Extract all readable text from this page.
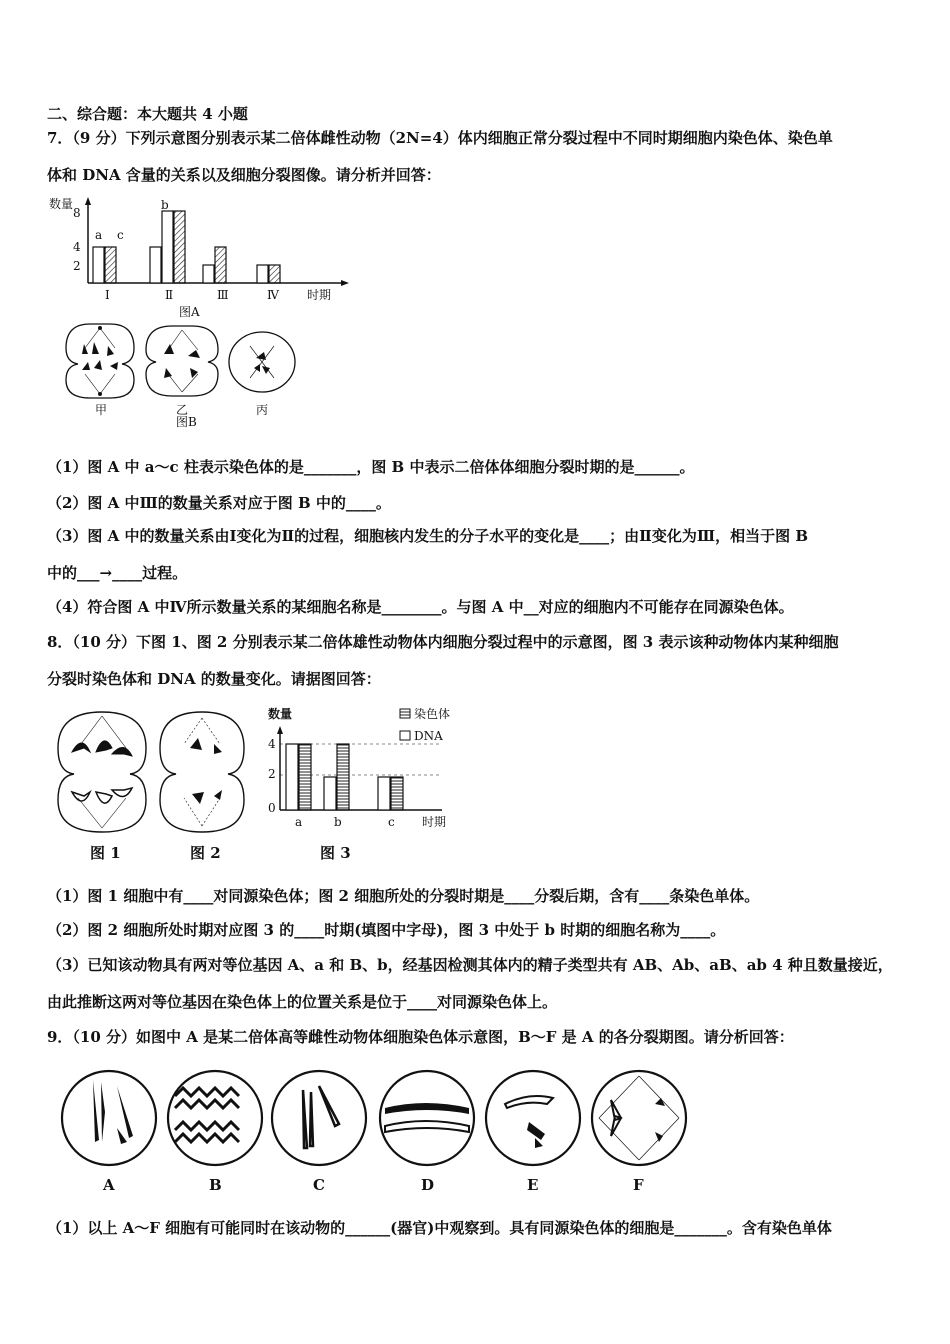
二、综合题：本大题共 4 小题
7．（9 分）下列示意图分别表示某二倍体雌性动物（2N=4）体内细胞正常分裂过程中不同时期细胞内染色体、染色单
体和 DNA 含量的关系以及细胞分裂图像。请分析并回答：
数量
8
4
2
a c
b
Ⅰ	Ⅱ	Ⅲ	Ⅳ 时期
图A
甲	乙	丙
图B
（1）图 A 中 a～c 柱表示染色体的是_______，图 B 中表示二倍体体细胞分裂时期的是______。
（2）图 A 中Ⅲ的数量关系对应于图 B 中的____。
（3）图 A 中的数量关系由Ⅰ变化为Ⅱ的过程，细胞核内发生的分子水平的变化是____；由Ⅱ变化为Ⅲ，相当于图 B
中的___→____过程。
（4）符合图 A 中Ⅳ所示数量关系的某细胞名称是________。与图 A 中__对应的细胞内不可能存在同源染色体。
8．（10 分）下图 1、图 2 分别表示某二倍体雄性动物体内细胞分裂过程中的示意图，图 3 表示该种动物体内某种细胞
分裂时染色体和 DNA 的数量变化。请据图回答：
图 1	图 2
数量
4
2
0
染色体
DNA
a	b	c 时期
图 3
（1）图 1 细胞中有____对同源染色体；图 2 细胞所处的分裂时期是____分裂后期，含有____条染色单体。
（2）图 2 细胞所处时期对应图 3 的____时期(填图中字母)，图 3 中处于 b 时期的细胞名称为____。
（3）已知该动物具有两对等位基因 A、a 和 B、b，经基因检测其体内的精子类型共有 AB、Ab、aB、ab 4 种且数量接近，
由此推断这两对等位基因在染色体上的位置关系是位于____对同源染色体上。
9．（10 分）如图中 A 是某二倍体高等雌性动物体细胞染色体示意图，B～F 是 A 的各分裂期图。请分析回答：
A	B	C	D	E	F
（1）以上 A～F 细胞有可能同时在该动物的______(器官)中观察到。具有同源染色体的细胞是_______。含有染色单体
